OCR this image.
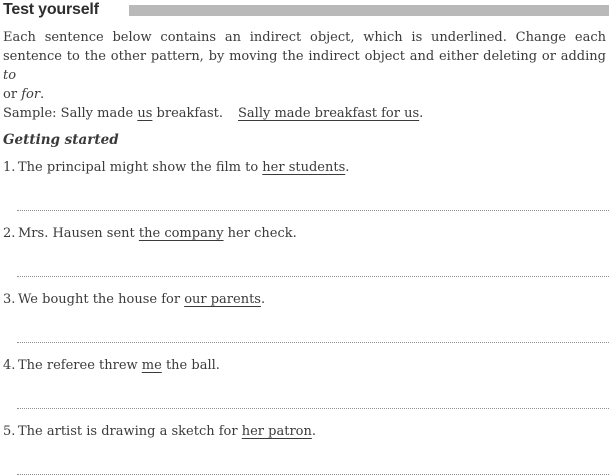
Test yourself
Each sentence below contains an indirect object, which is underlined. Change each
sentence to the other pattern, by moving the indirect object and either deleting or adding to
or for.
Sample: Sally made us breakfast. Sally made breakfast for us.
Getting started
1. The principal might show the film to her students.
2. Mrs. Hausen sent the company her check.
3. We bought the house for our parents.
4. The referee threw me the ball.
5. The artist is drawing a sketch for her patron.
